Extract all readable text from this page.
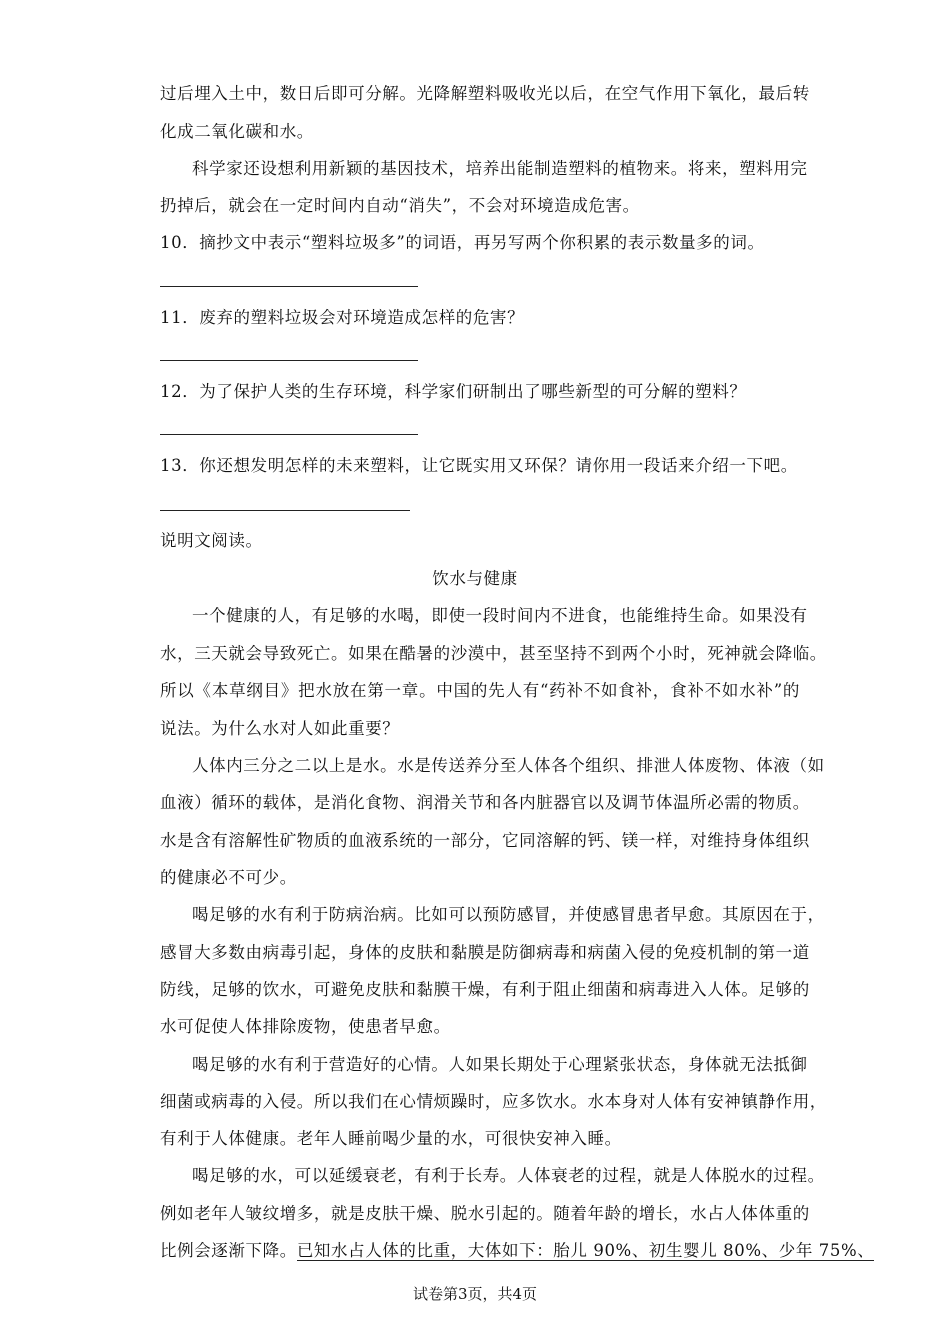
过后埋入土中，数日后即可分解。光降解塑料吸收光以后，在空气作用下氧化，最后转
化成二氧化碳和水。
科学家还设想利用新颖的基因技术，培养出能制造塑料的植物来。将来，塑料用完
扔掉后，就会在一定时间内自动“消失”，不会对环境造成危害。
10．摘抄文中表示“塑料垃圾多”的词语，再另写两个你积累的表示数量多的词。
11．废弃的塑料垃圾会对环境造成怎样的危害？
12．为了保护人类的生存环境，科学家们研制出了哪些新型的可分解的塑料？
13．你还想发明怎样的未来塑料，让它既实用又环保？请你用一段话来介绍一下吧。
说明文阅读。
饮水与健康
一个健康的人，有足够的水喝，即使一段时间内不进食，也能维持生命。如果没有
水，三天就会导致死亡。如果在酷暑的沙漠中，甚至坚持不到两个小时，死神就会降临。
所以《本草纲目》把水放在第一章。中国的先人有“药补不如食补，食补不如水补”的
说法。为什么水对人如此重要？
人体内三分之二以上是水。水是传送养分至人体各个组织、排泄人体废物、体液（如
血液）循环的载体，是消化食物、润滑关节和各内脏器官以及调节体温所必需的物质。
水是含有溶解性矿物质的血液系统的一部分，它同溶解的钙、镁一样，对维持身体组织
的健康必不可少。
喝足够的水有利于防病治病。比如可以预防感冒，并使感冒患者早愈。其原因在于，
感冒大多数由病毒引起，身体的皮肤和黏膜是防御病毒和病菌入侵的免疫机制的第一道
防线，足够的饮水，可避免皮肤和黏膜干燥，有利于阻止细菌和病毒进入人体。足够的
水可促使人体排除废物，使患者早愈。
喝足够的水有利于营造好的心情。人如果长期处于心理紧张状态，身体就无法抵御
细菌或病毒的入侵。所以我们在心情烦躁时，应多饮水。水本身对人体有安神镇静作用，
有利于人体健康。老年人睡前喝少量的水，可很快安神入睡。
喝足够的水，可以延缓衰老，有利于长寿。人体衰老的过程，就是人体脱水的过程。
例如老年人皱纹增多，就是皮肤干燥、脱水引起的。随着年龄的增长，水占人体体重的
比例会逐渐下降。已知水占人体的比重，大体如下：胎儿 90%、初生婴儿 80%、少年 75%、
试卷第3页，共4页
